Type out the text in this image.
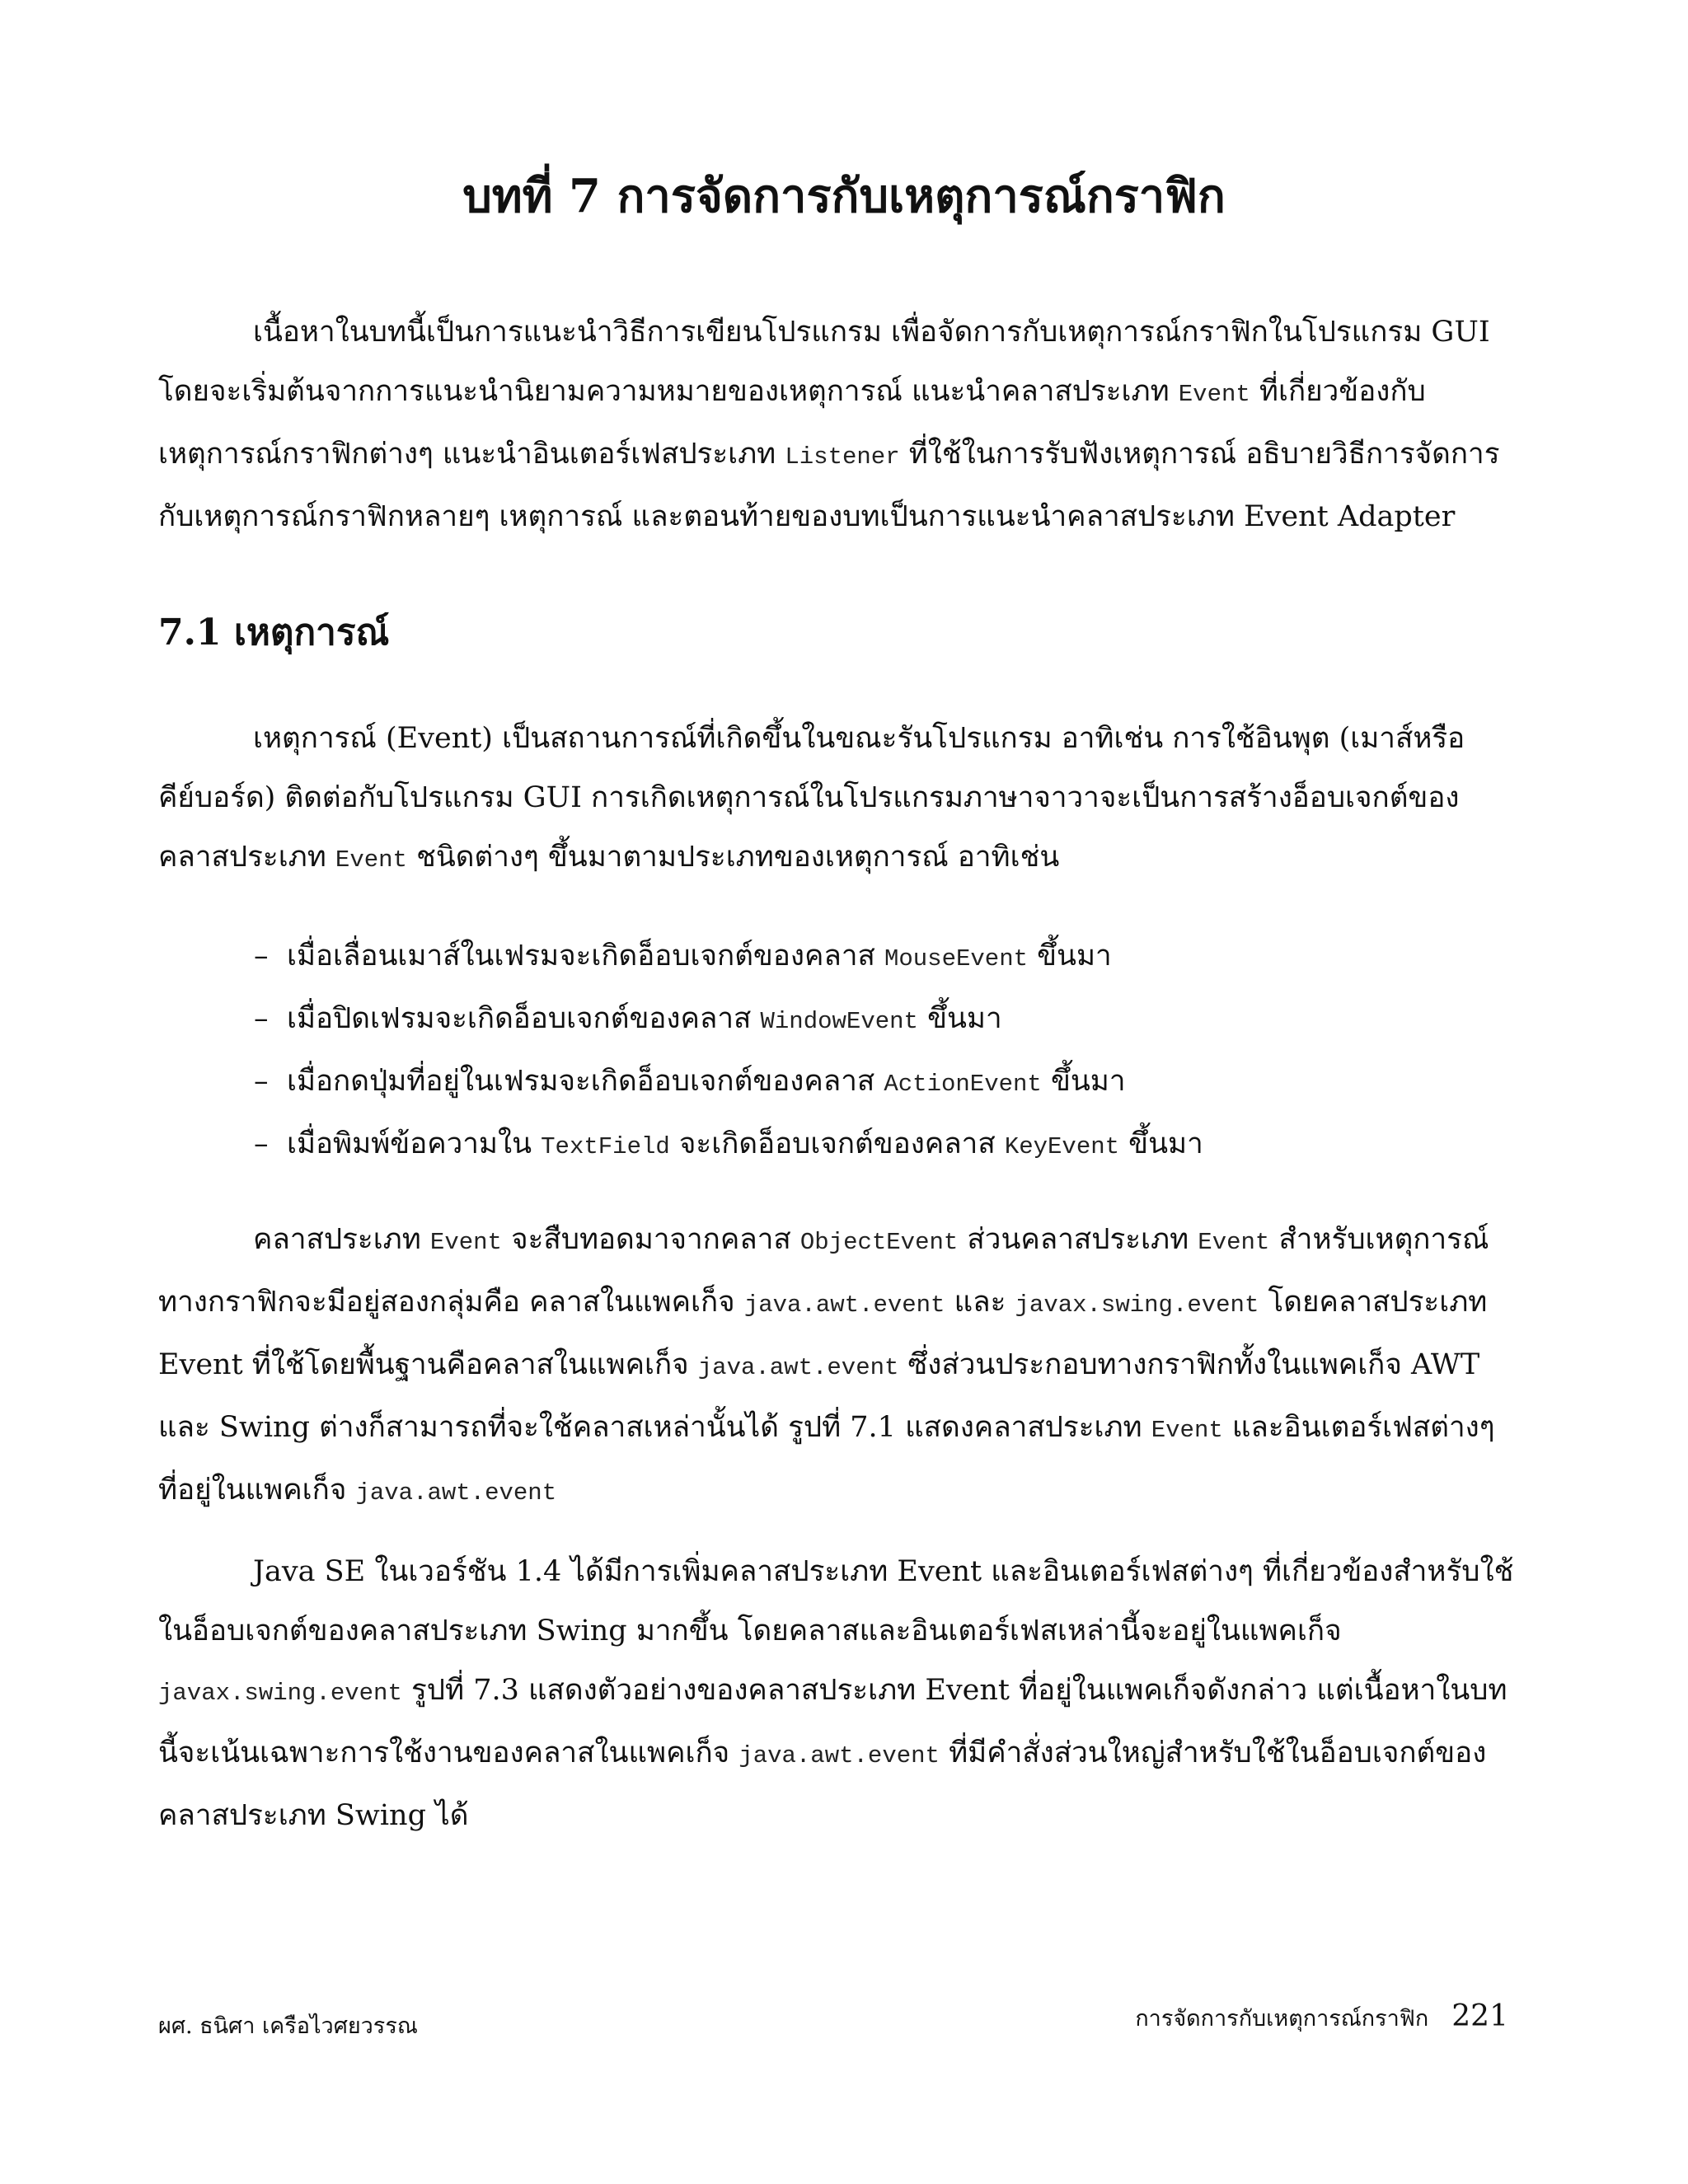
บทที่ 7 การจัดการกับเหตุการณ์กราฟิก

เนื้อหาในบทนี้เป็นการแนะนำวิธีการเขียนโปรแกรม เพื่อจัดการกับเหตุการณ์กราฟิกในโปรแกรม GUI โดยจะเริ่มต้นจากการแนะนำนิยามความหมายของเหตุการณ์ แนะนำคลาสประเภท Event ที่เกี่ยวข้องกับเหตุการณ์กราฟิกต่างๆ แนะนำอินเตอร์เฟสประเภท Listener ที่ใช้ในการรับฟังเหตุการณ์ อธิบายวิธีการจัดการกับเหตุการณ์กราฟิกหลายๆ เหตุการณ์ และตอนท้ายของบทเป็นการแนะนำคลาสประเภท Event Adapter

7.1 เหตุการณ์

เหตุการณ์ (Event) เป็นสถานการณ์ที่เกิดขึ้นในขณะรันโปรแกรม อาทิเช่น การใช้อินพุต (เมาส์หรือคีย์บอร์ด) ติดต่อกับโปรแกรม GUI การเกิดเหตุการณ์ในโปรแกรมภาษาจาวาจะเป็นการสร้างอ็อบเจกต์ของคลาสประเภท Event ชนิดต่างๆ ขึ้นมาตามประเภทของเหตุการณ์ อาทิเช่น

– เมื่อเลื่อนเมาส์ในเฟรมจะเกิดอ็อบเจกต์ของคลาส MouseEvent ขึ้นมา
– เมื่อปิดเฟรมจะเกิดอ็อบเจกต์ของคลาส WindowEvent ขึ้นมา
– เมื่อกดปุ่มที่อยู่ในเฟรมจะเกิดอ็อบเจกต์ของคลาส ActionEvent ขึ้นมา
– เมื่อพิมพ์ข้อความใน TextField จะเกิดอ็อบเจกต์ของคลาส KeyEvent ขึ้นมา

คลาสประเภท Event จะสืบทอดมาจากคลาส ObjectEvent ส่วนคลาสประเภท Event สำหรับเหตุการณ์ทางกราฟิกจะมีอยู่สองกลุ่มคือ คลาสในแพคเก็จ java.awt.event และ javax.swing.event โดยคลาสประเภท Event ที่ใช้โดยพื้นฐานคือคลาสในแพคเก็จ java.awt.event ซึ่งส่วนประกอบทางกราฟิกทั้งในแพคเก็จ AWT และ Swing ต่างก็สามารถที่จะใช้คลาสเหล่านั้นได้ รูปที่ 7.1 แสดงคลาสประเภท Event และอินเตอร์เฟสต่างๆ ที่อยู่ในแพคเก็จ java.awt.event

Java SE ในเวอร์ชัน 1.4 ได้มีการเพิ่มคลาสประเภท Event และอินเตอร์เฟสต่างๆ ที่เกี่ยวข้องสำหรับใช้ในอ็อบเจกต์ของคลาสประเภท Swing มากขึ้น โดยคลาสและอินเตอร์เฟสเหล่านี้จะอยู่ในแพคเก็จ javax.swing.event รูปที่ 7.3 แสดงตัวอย่างของคลาสประเภท Event ที่อยู่ในแพคเก็จดังกล่าว แต่เนื้อหาในบทนี้จะเน้นเฉพาะการใช้งานของคลาสในแพคเก็จ java.awt.event ที่มีคำสั่งส่วนใหญ่สำหรับใช้ในอ็อบเจกต์ของคลาสประเภท Swing ได้

ผศ. ธนิศา เครือไวศยวรรณ	การจัดการกับเหตุการณ์กราฟิก 221
